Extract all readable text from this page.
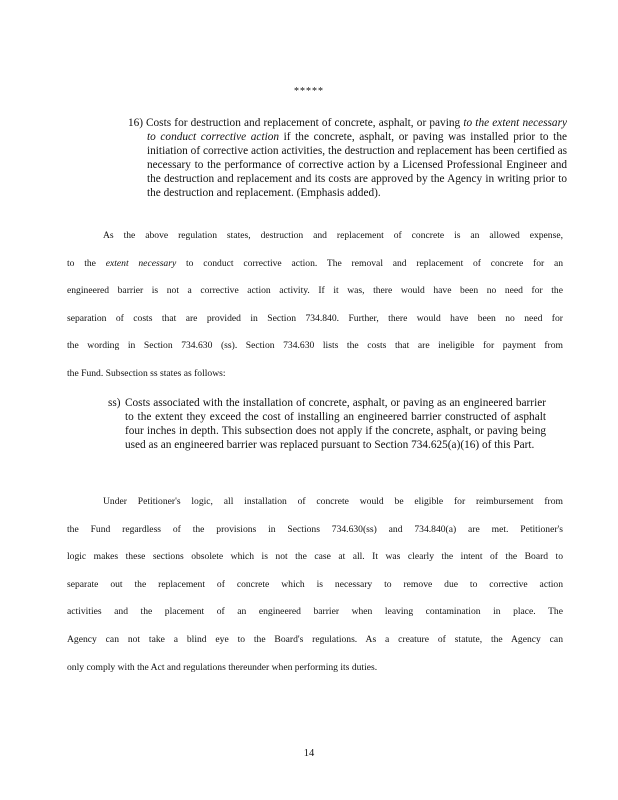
*****
16) Costs for destruction and replacement of concrete, asphalt, or paving to the extent necessary to conduct corrective action if the concrete, asphalt, or paving was installed prior to the initiation of corrective action activities, the destruction and replacement has been certified as necessary to the performance of corrective action by a Licensed Professional Engineer and the destruction and replacement and its costs are approved by the Agency in writing prior to the destruction and replacement. (Emphasis added).
As the above regulation states, destruction and replacement of concrete is an allowed expense,
to the extent necessary to conduct corrective action. The removal and replacement of concrete for an
engineered barrier is not a corrective action activity. If it was, there would have been no need for the
separation of costs that are provided in Section 734.840. Further, there would have been no need for
the wording in Section 734.630 (ss). Section 734.630 lists the costs that are ineligible for payment from
the Fund. Subsection ss states as follows:
ss) Costs associated with the installation of concrete, asphalt, or paving as an engineered barrier to the extent they exceed the cost of installing an engineered barrier constructed of asphalt four inches in depth. This subsection does not apply if the concrete, asphalt, or paving being used as an engineered barrier was replaced pursuant to Section 734.625(a)(16) of this Part.
Under Petitioner's logic, all installation of concrete would be eligible for reimbursement from
the Fund regardless of the provisions in Sections 734.630(ss) and 734.840(a) are met. Petitioner's
logic makes these sections obsolete which is not the case at all. It was clearly the intent of the Board to
separate out the replacement of concrete which is necessary to remove due to corrective action
activities and the placement of an engineered barrier when leaving contamination in place. The
Agency can not take a blind eye to the Board's regulations. As a creature of statute, the Agency can
only comply with the Act and regulations thereunder when performing its duties.
14
